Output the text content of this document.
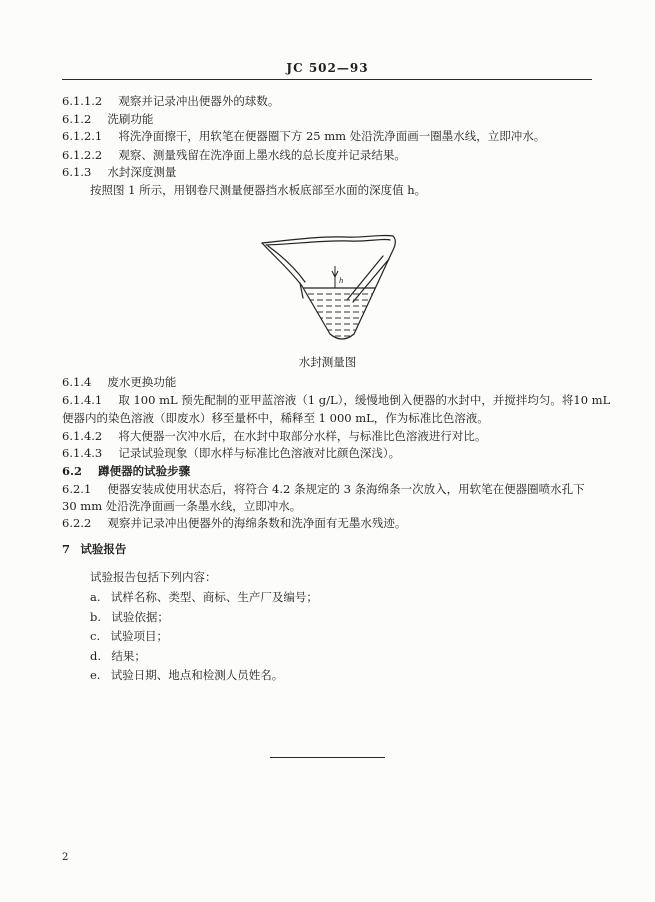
JC 502—93
6.1.1.2 观察并记录冲出便器外的球数。
6.1.2 洗刷功能
6.1.2.1 将洗净面擦干，用软笔在便器圈下方 25 mm 处沿洗净面画一圈墨水线，立即冲水。
6.1.2.2 观察、测量残留在洗净面上墨水线的总长度并记录结果。
6.1.3 水封深度测量
按照图 1 所示，用钢卷尺测量便器挡水板底部至水面的深度值 h。
h
水封测量图
6.1.4 废水更换功能
6.1.4.1 取 100 mL 预先配制的亚甲蓝溶液（1 g/L），缓慢地倒入便器的水封中，并搅拌均匀。将10 mL
便器内的染色溶液（即废水）移至量杯中，稀释至 1 000 mL，作为标准比色溶液。
6.1.4.2 将大便器一次冲水后，在水封中取部分水样，与标准比色溶液进行对比。
6.1.4.3 记录试验现象（即水样与标准比色溶液对比颜色深浅）。
6.2 蹲便器的试验步骤
6.2.1 便器安装成使用状态后，将符合 4.2 条规定的 3 条海绵条一次放入，用软笔在便器圈喷水孔下
30 mm 处沿洗净面画一条墨水线，立即冲水。
6.2.2 观察并记录冲出便器外的海绵条数和洗净面有无墨水残迹。
7 试验报告
试验报告包括下列内容：
a. 试样名称、类型、商标、生产厂及编号；
b. 试验依据；
c. 试验项目；
d. 结果；
e. 试验日期、地点和检测人员姓名。
2
